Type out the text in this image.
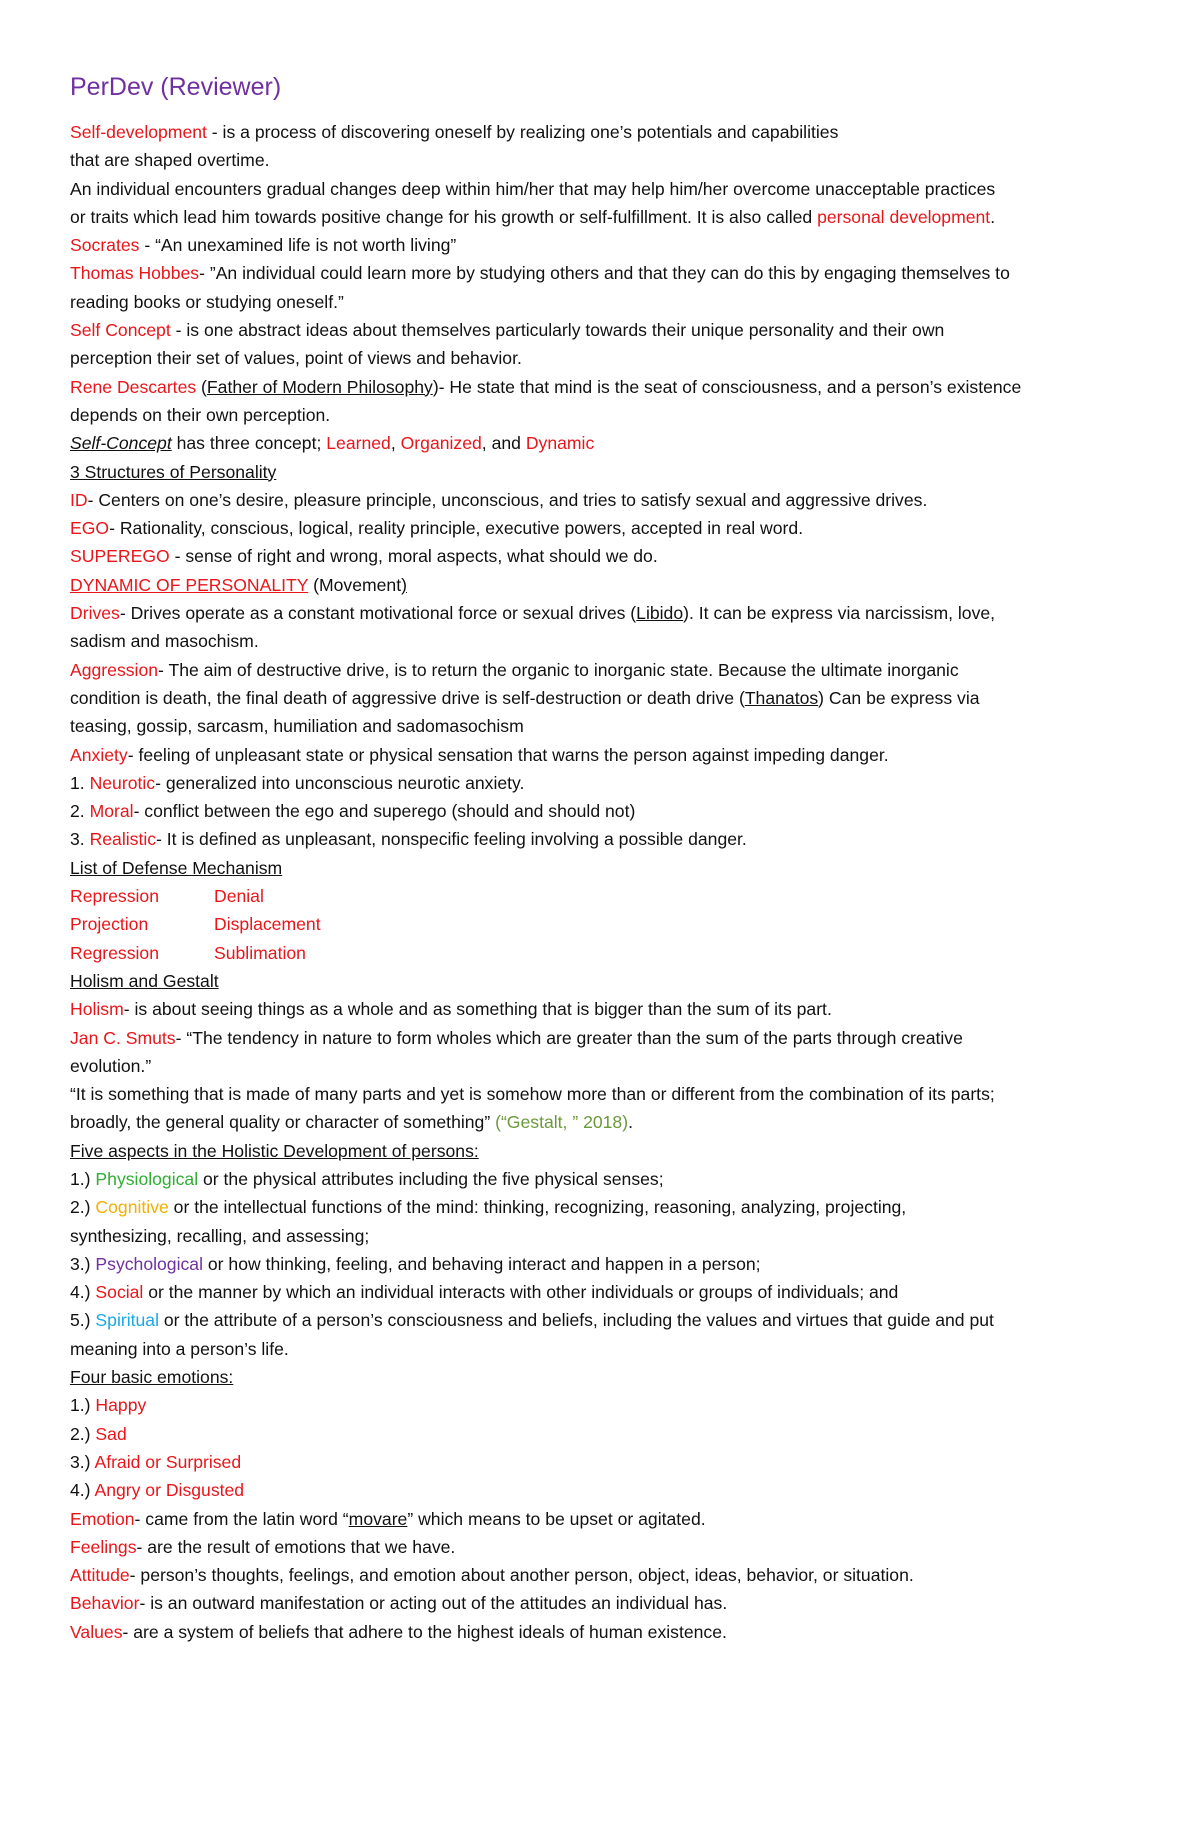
PerDev (Reviewer)
Self-development - is a process of discovering oneself by realizing one’s potentials and capabilities
that are shaped overtime.
An individual encounters gradual changes deep within him/her that may help him/her overcome unacceptable practices
or traits which lead him towards positive change for his growth or self-fulfillment. It is also called personal development.
Socrates - “An unexamined life is not worth living”
Thomas Hobbes- ”An individual could learn more by studying others and that they can do this by engaging themselves to
reading books or studying oneself.”
Self Concept - is one abstract ideas about themselves particularly towards their unique personality and their own
perception their set of values, point of views and behavior.
Rene Descartes (Father of Modern Philosophy)- He state that mind is the seat of consciousness, and a person’s existence
depends on their own perception.
Self-Concept has three concept; Learned, Organized, and Dynamic
3 Structures of Personality
ID- Centers on one’s desire, pleasure principle, unconscious, and tries to satisfy sexual and aggressive drives.
EGO- Rationality, conscious, logical, reality principle, executive powers, accepted in real word.
SUPEREGO - sense of right and wrong, moral aspects, what should we do.
DYNAMIC OF PERSONALITY (Movement)
Drives- Drives operate as a constant motivational force or sexual drives (Libido). It can be express via narcissism, love,
sadism and masochism.
Aggression- The aim of destructive drive, is to return the organic to inorganic state. Because the ultimate inorganic
condition is death, the final death of aggressive drive is self-destruction or death drive (Thanatos) Can be express via
teasing, gossip, sarcasm, humiliation and sadomasochism
Anxiety- feeling of unpleasant state or physical sensation that warns the person against impeding danger.
1. Neurotic- generalized into unconscious neurotic anxiety.
2. Moral- conflict between the ego and superego (should and should not)
3. Realistic- It is defined as unpleasant, nonspecific feeling involving a possible danger.
List of Defense Mechanism
Repression	Denial
Projection	Displacement
Regression	Sublimation
Holism and Gestalt
Holism- is about seeing things as a whole and as something that is bigger than the sum of its part.
Jan C. Smuts- “The tendency in nature to form wholes which are greater than the sum of the parts through creative
evolution.”
“It is something that is made of many parts and yet is somehow more than or different from the combination of its parts;
broadly, the general quality or character of something” (“Gestalt, ” 2018).
Five aspects in the Holistic Development of persons:
1.) Physiological or the physical attributes including the five physical senses;
2.) Cognitive or the intellectual functions of the mind: thinking, recognizing, reasoning, analyzing, projecting,
synthesizing, recalling, and assessing;
3.) Psychological or how thinking, feeling, and behaving interact and happen in a person;
4.) Social or the manner by which an individual interacts with other individuals or groups of individuals; and
5.) Spiritual or the attribute of a person’s consciousness and beliefs, including the values and virtues that guide and put
meaning into a person’s life.
Four basic emotions:
1.) Happy
2.) Sad
3.) Afraid or Surprised
4.) Angry or Disgusted
Emotion- came from the latin word “movare” which means to be upset or agitated.
Feelings- are the result of emotions that we have.
Attitude- person’s thoughts, feelings, and emotion about another person, object, ideas, behavior, or situation.
Behavior- is an outward manifestation or acting out of the attitudes an individual has.
Values- are a system of beliefs that adhere to the highest ideals of human existence.
